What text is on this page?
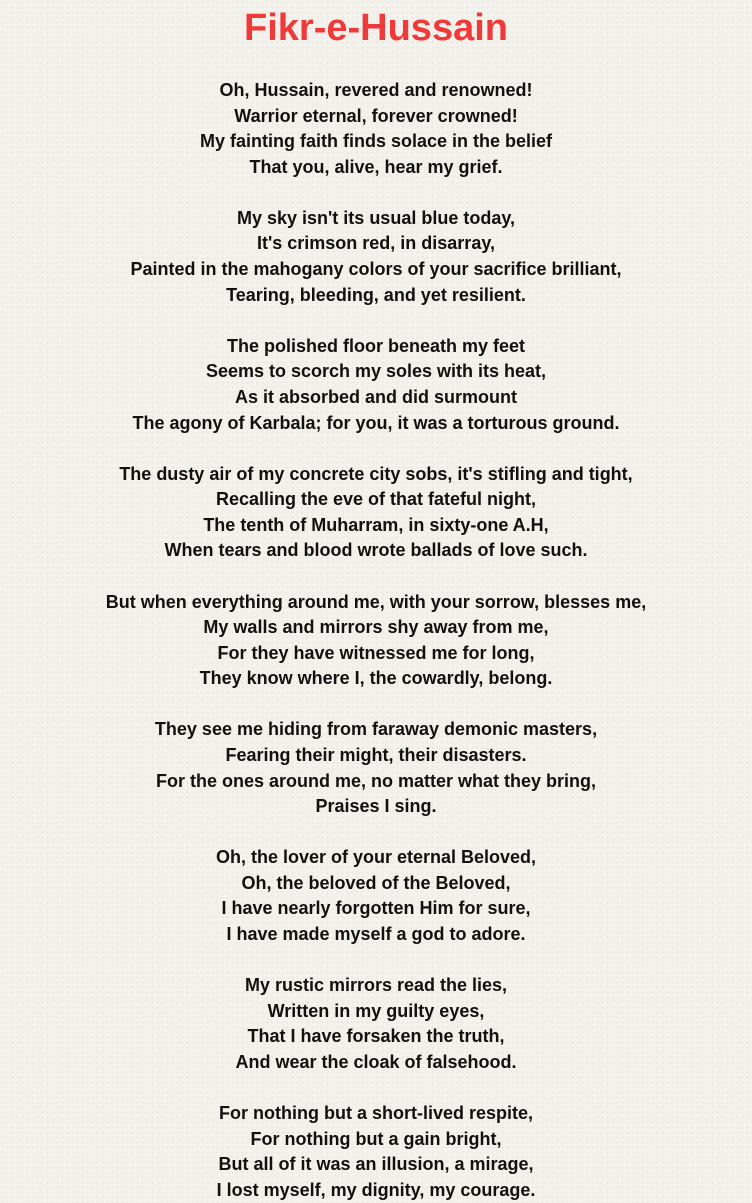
Fikr-e-Hussain
Oh, Hussain, revered and renowned!
Warrior eternal, forever crowned!
My fainting faith finds solace in the belief
That you, alive, hear my grief.
My sky isn't its usual blue today,
It's crimson red, in disarray,
Painted in the mahogany colors of your sacrifice brilliant,
Tearing, bleeding, and yet resilient.
The polished floor beneath my feet
Seems to scorch my soles with its heat,
As it absorbed and did surmount
The agony of Karbala; for you, it was a torturous ground.
The dusty air of my concrete city sobs, it's stifling and tight,
Recalling the eve of that fateful night,
The tenth of Muharram, in sixty-one A.H,
When tears and blood wrote ballads of love such.
But when everything around me, with your sorrow, blesses me,
My walls and mirrors shy away from me,
For they have witnessed me for long,
They know where I, the cowardly, belong.
They see me hiding from faraway demonic masters,
Fearing their might, their disasters.
For the ones around me, no matter what they bring,
Praises I sing.
Oh, the lover of your eternal Beloved,
Oh, the beloved of the Beloved,
I have nearly forgotten Him for sure,
I have made myself a god to adore.
My rustic mirrors read the lies,
Written in my guilty eyes,
That I have forsaken the truth,
And wear the cloak of falsehood.
For nothing but a short-lived respite,
For nothing but a gain bright,
But all of it was an illusion, a mirage,
I lost myself, my dignity, my courage.
